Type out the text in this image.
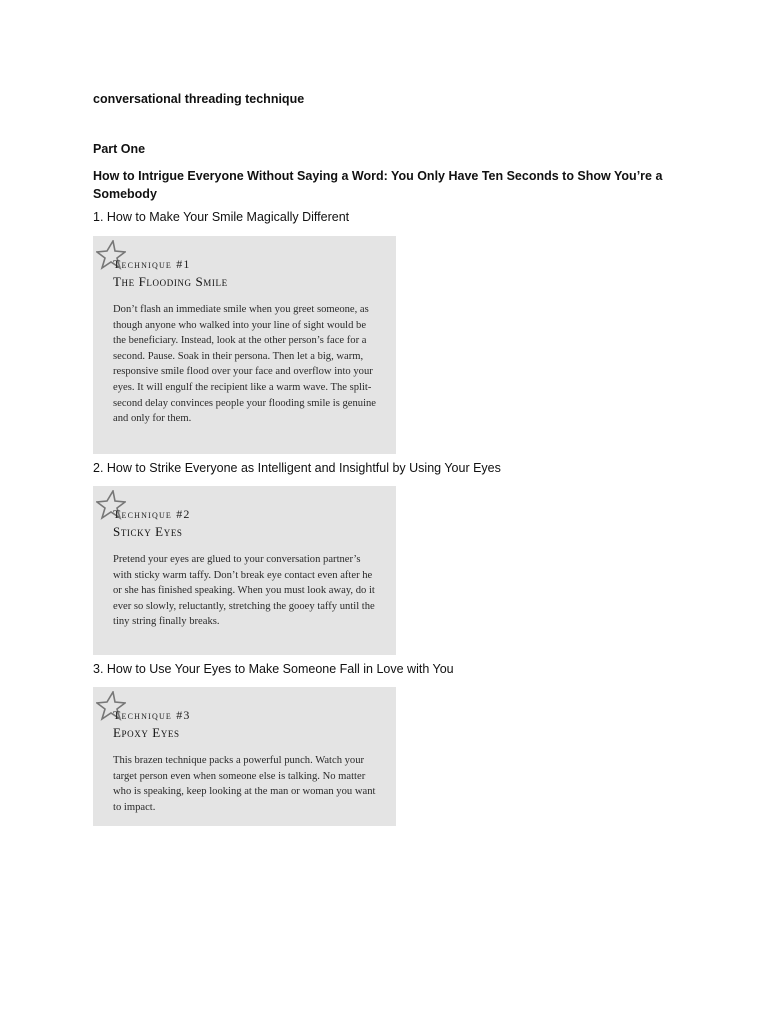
conversational threading technique
Part One
How to Intrigue Everyone Without Saying a Word: You Only Have Ten Seconds to Show You’re a Somebody
1. How to Make Your Smile Magically Different
Technique #1
The Flooding Smile
Don’t flash an immediate smile when you greet someone, as though anyone who walked into your line of sight would be the beneficiary. Instead, look at the other person’s face for a second. Pause. Soak in their persona. Then let a big, warm, responsive smile flood over your face and overflow into your eyes. It will engulf the recipient like a warm wave. The split-second delay convinces people your flooding smile is genuine and only for them.
2. How to Strike Everyone as Intelligent and Insightful by Using Your Eyes
Technique #2
Sticky Eyes
Pretend your eyes are glued to your conversation partner’s with sticky warm taffy. Don’t break eye contact even after he or she has finished speaking. When you must look away, do it ever so slowly, reluctantly, stretching the gooey taffy until the tiny string finally breaks.
3. How to Use Your Eyes to Make Someone Fall in Love with You
Technique #3
Epoxy Eyes
This brazen technique packs a powerful punch. Watch your target person even when someone else is talking. No matter who is speaking, keep looking at the man or woman you want to impact.
